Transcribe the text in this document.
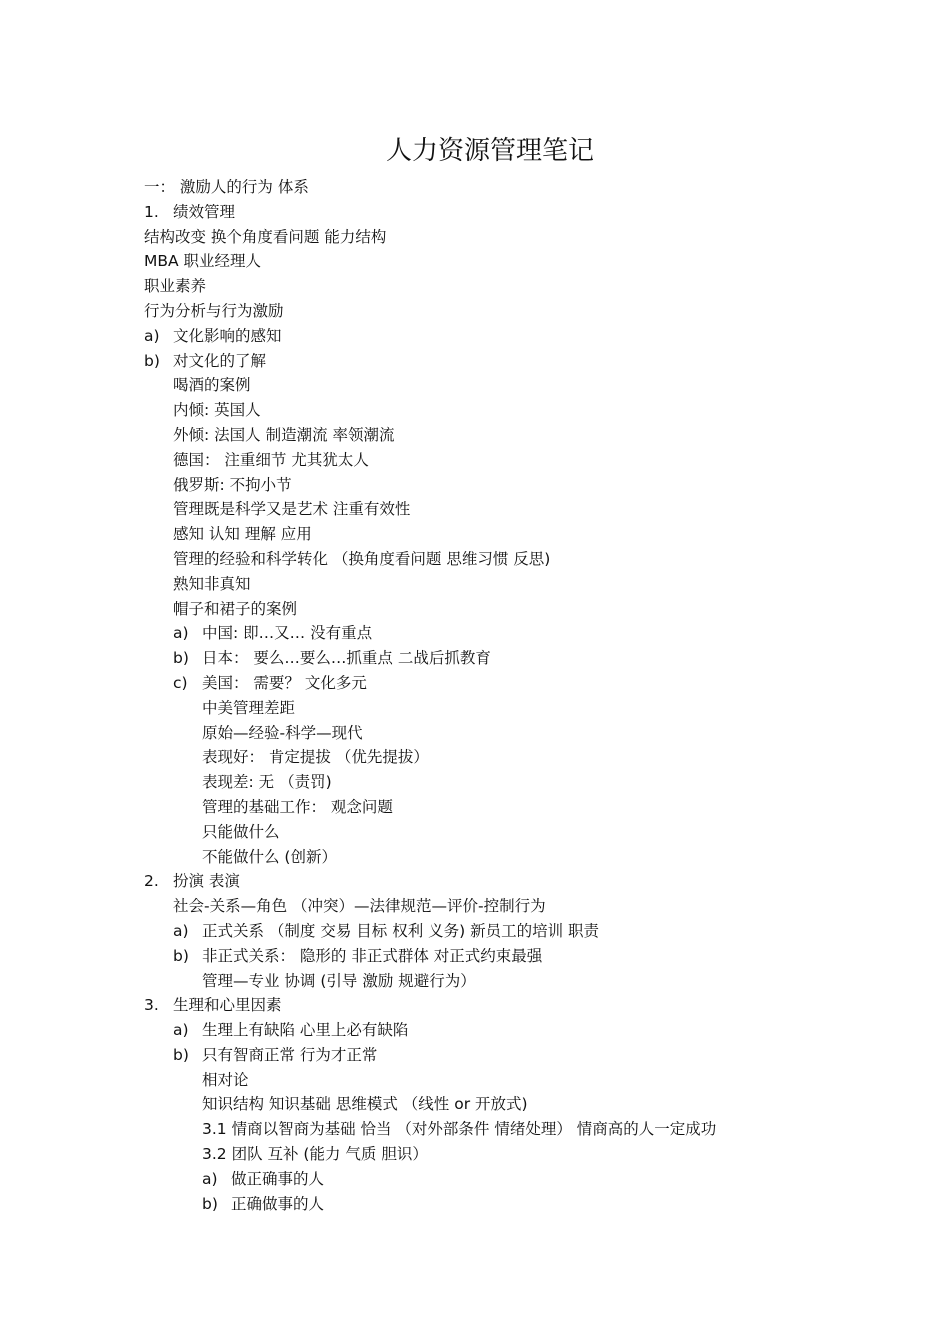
人力资源管理笔记
一： 激励人的行为 体系
1. 绩效管理
结构改变 换个角度看问题 能力结构
MBA 职业经理人
职业素养
行为分析与行为激励
a) 文化影响的感知
b) 对文化的了解
喝酒的案例
内倾: 英国人
外倾: 法国人 制造潮流 率领潮流
德国： 注重细节 尤其犹太人
俄罗斯: 不拘小节
管理既是科学又是艺术 注重有效性
感知 认知 理解 应用
管理的经验和科学转化 （换角度看问题 思维习惯 反思)
熟知非真知
帽子和裙子的案例
a) 中国: 即…又… 没有重点
b) 日本： 要么…要么…抓重点 二战后抓教育
c) 美国： 需要？ 文化多元
中美管理差距
原始—经验-科学—现代
表现好： 肯定提拔 （优先提拔）
表现差: 无 （责罚)
管理的基础工作： 观念问题
只能做什么
不能做什么 (创新）
2. 扮演 表演
社会-关系—角色 （冲突）—法律规范—评价-控制行为
a) 正式关系 （制度 交易 目标 权利 义务) 新员工的培训 职责
b) 非正式关系： 隐形的 非正式群体 对正式约束最强
管理—专业 协调 (引导 激励 规避行为）
3. 生理和心里因素
a) 生理上有缺陷 心里上必有缺陷
b) 只有智商正常 行为才正常
相对论
知识结构 知识基础 思维模式 （线性 or 开放式)
3.1 情商以智商为基础 恰当 （对外部条件 情绪处理） 情商高的人一定成功
3.2 团队 互补 (能力 气质 胆识）
a) 做正确事的人
b) 正确做事的人
